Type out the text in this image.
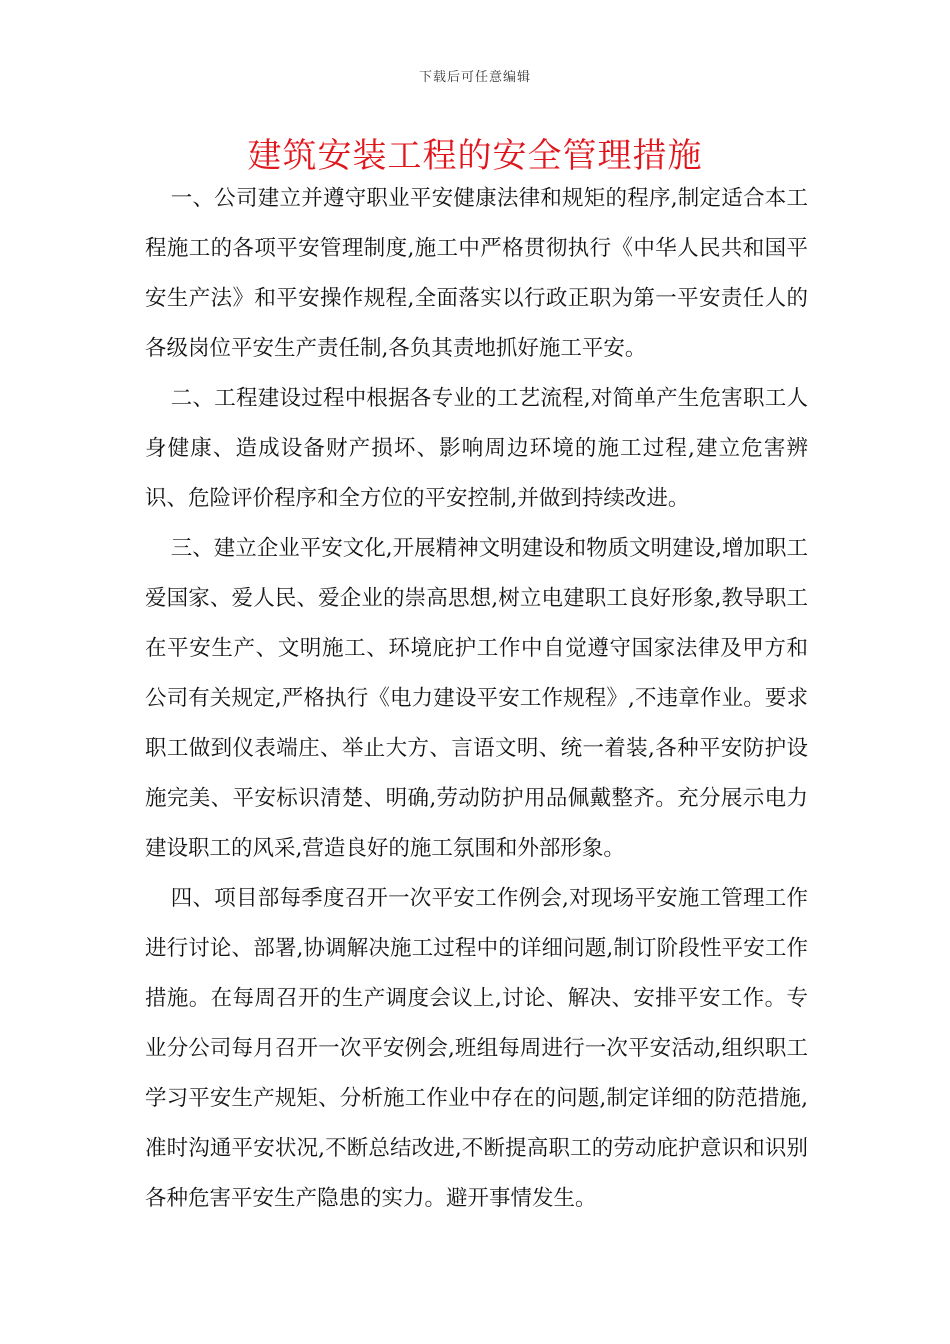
下载后可任意编辑
建筑安装工程的安全管理措施

一、公司建立并遵守职业平安健康法律和规矩的程序,制定适合本工程施工的各项平安管理制度,施工中严格贯彻执行《中华人民共和国平安生产法》和平安操作规程,全面落实以行政正职为第一平安责任人的各级岗位平安生产责任制,各负其责地抓好施工平安。

二、工程建设过程中根据各专业的工艺流程,对简单产生危害职工人身健康、造成设备财产损坏、影响周边环境的施工过程,建立危害辨识、危险评价程序和全方位的平安控制,并做到持续改进。

三、建立企业平安文化,开展精神文明建设和物质文明建设,增加职工爱国家、爱人民、爱企业的崇高思想,树立电建职工良好形象,教导职工在平安生产、文明施工、环境庇护工作中自觉遵守国家法律及甲方和公司有关规定,严格执行《电力建设平安工作规程》,不违章作业。要求职工做到仪表端庄、举止大方、言语文明、统一着装,各种平安防护设施完美、平安标识清楚、明确,劳动防护用品佩戴整齐。充分展示电力建设职工的风采,营造良好的施工氛围和外部形象。

四、项目部每季度召开一次平安工作例会,对现场平安施工管理工作进行讨论、部署,协调解决施工过程中的详细问题,制订阶段性平安工作措施。在每周召开的生产调度会议上,讨论、解决、安排平安工作。专业分公司每月召开一次平安例会,班组每周进行一次平安活动,组织职工学习平安生产规矩、分析施工作业中存在的问题,制定详细的防范措施,准时沟通平安状况,不断总结改进,不断提高职工的劳动庇护意识和识别各种危害平安生产隐患的实力。避开事情发生。
